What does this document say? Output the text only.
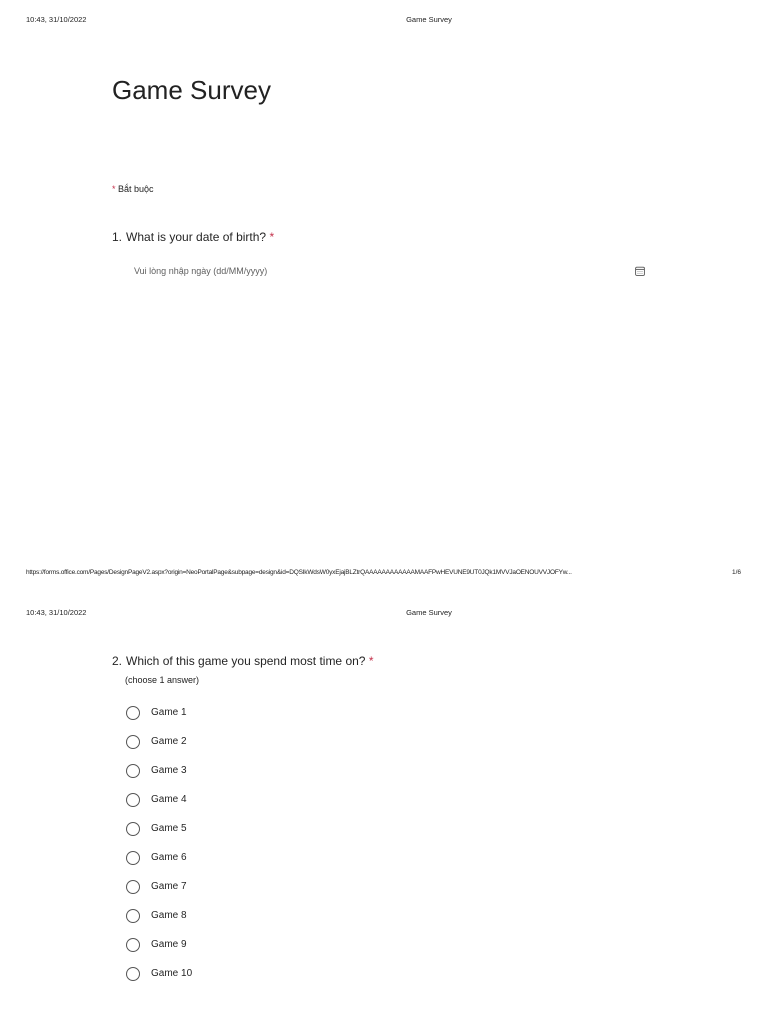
10:43, 31/10/2022	Game Survey
Game Survey
* Bắt buộc
1. What is your date of birth? *
Vui lòng nhập ngày (dd/MM/yyyy)
https://forms.office.com/Pages/DesignPageV2.aspx?origin=NeoPortalPage&subpage=design&id=DQSIkWdsW0yxEjajBLZtrQAAAAAAAAAAAAMAAFPwHEVUNE9UT0JQk1MVVJaOENOUVVJOFYw...	1/6
10:43, 31/10/2022	Game Survey
2. Which of this game you spend most time on? *
(choose 1 answer)
Game 1
Game 2
Game 3
Game 4
Game 5
Game 6
Game 7
Game 8
Game 9
Game 10
